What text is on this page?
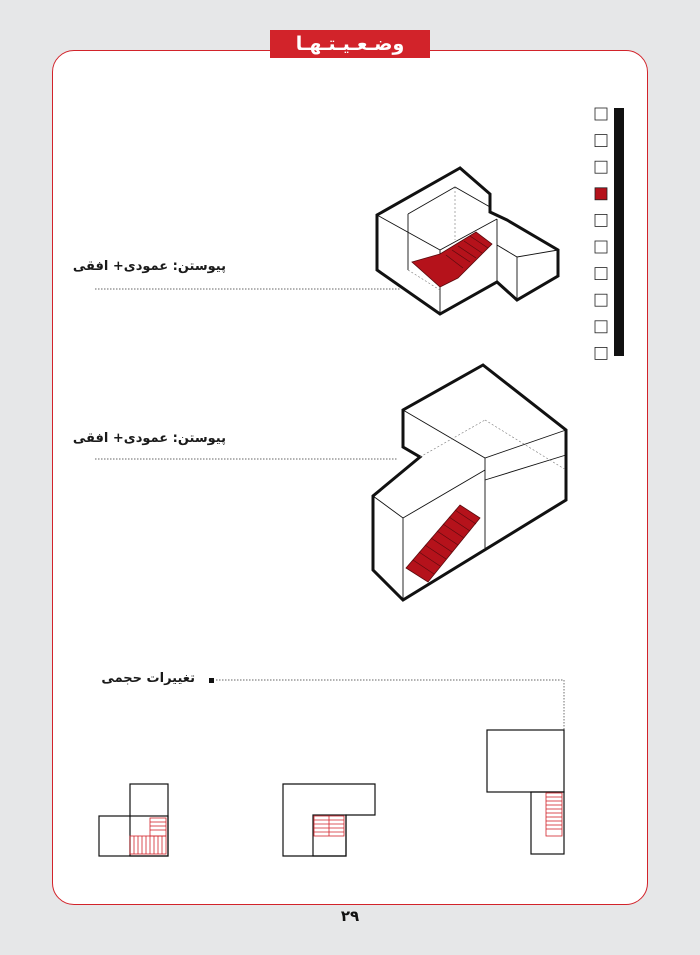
وضـعـیـتـهـا
پیوستن: عمودی+ افقی
پیوستن: عمودی+ افقی
تغییرات حجمی
۲۹
